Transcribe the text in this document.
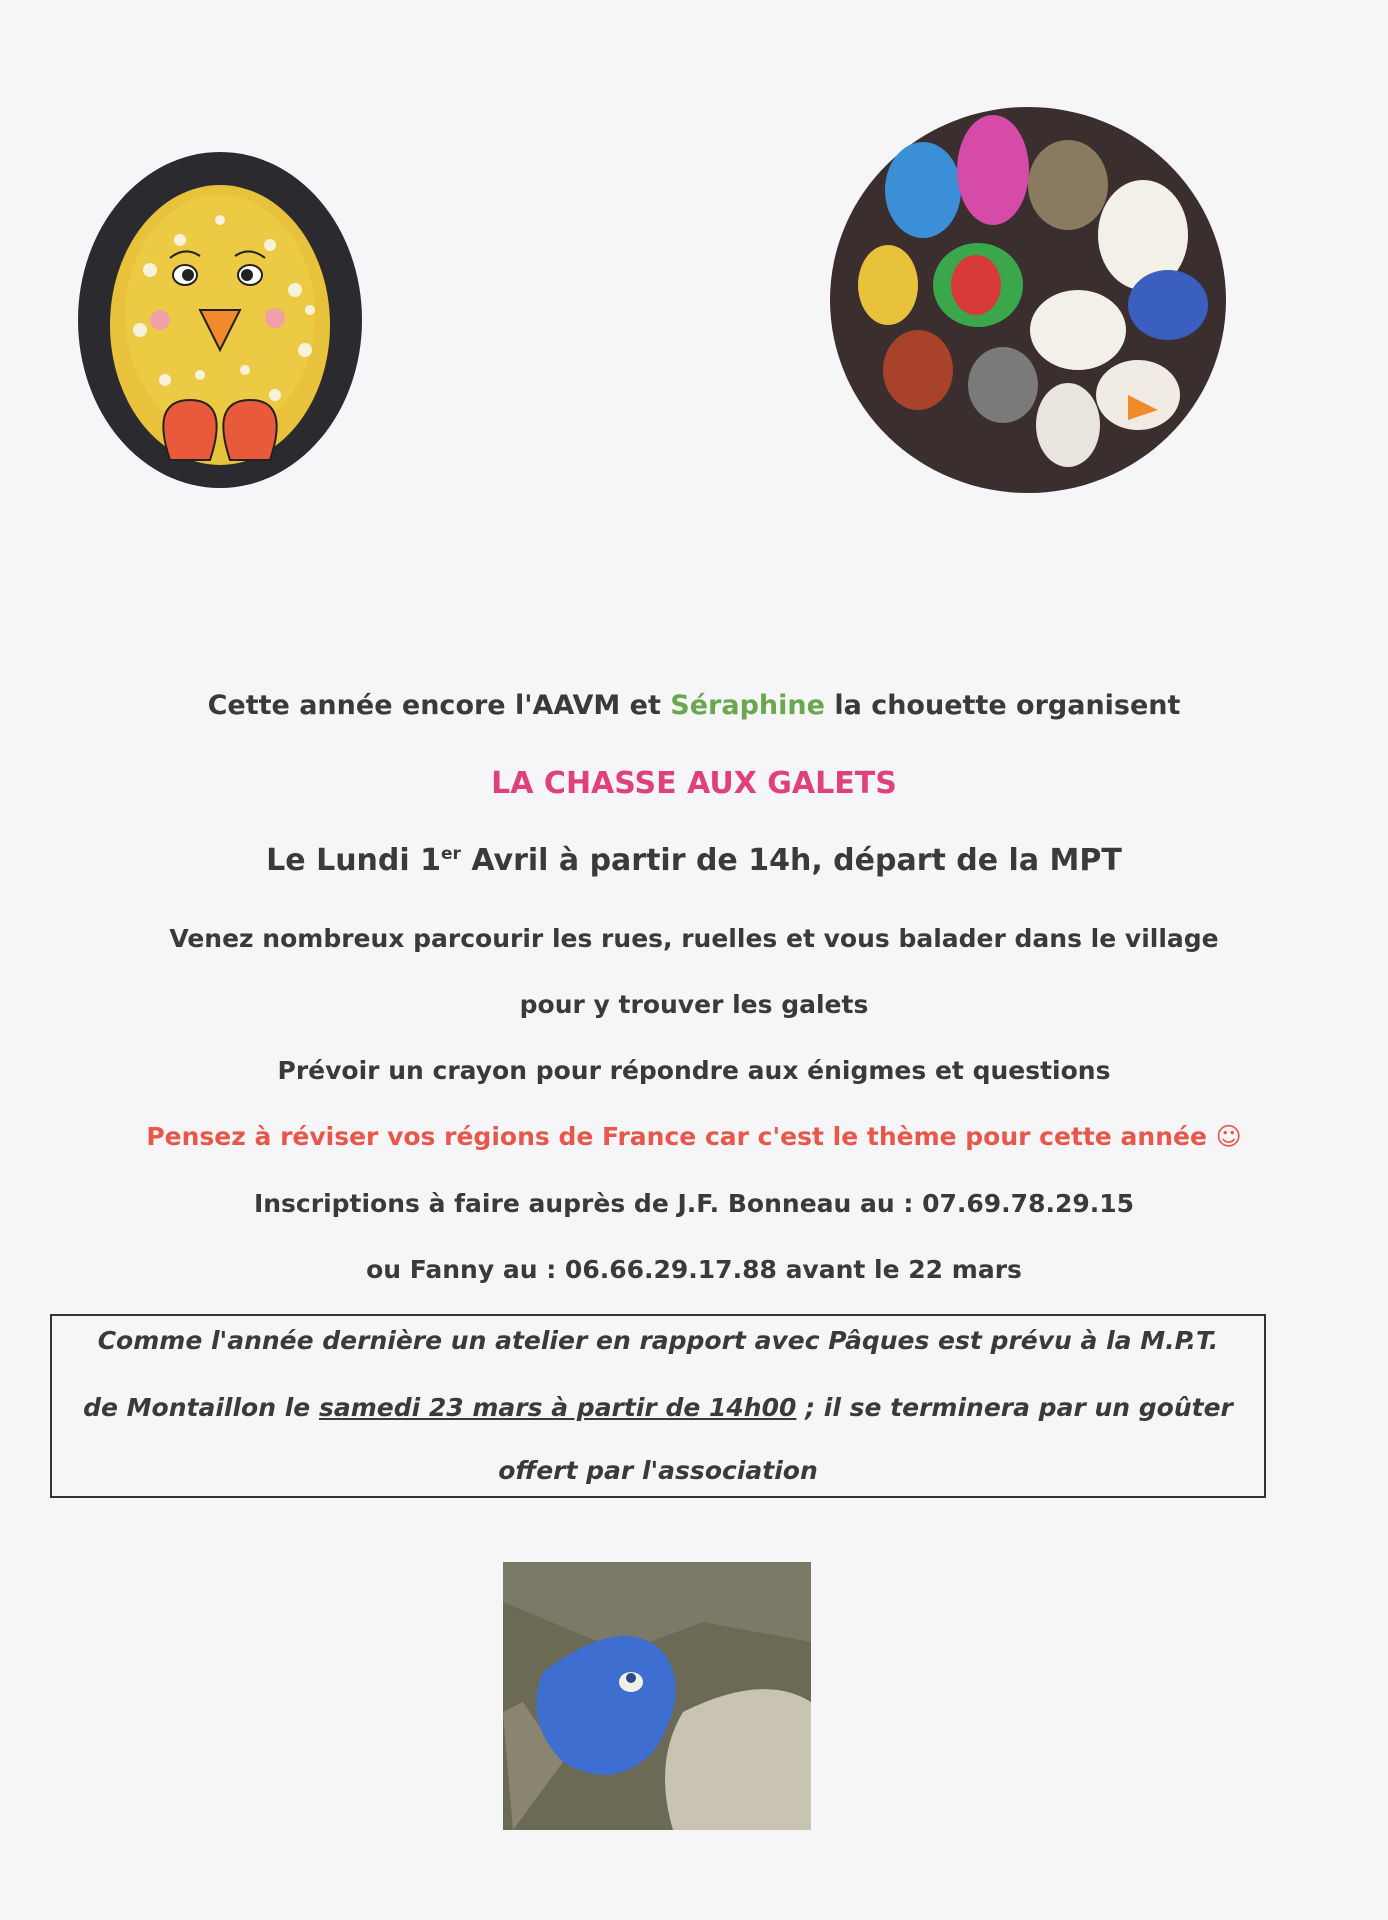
Cette année encore l'AAVM et Séraphine la chouette organisent
LA CHASSE AUX GALETS
Le Lundi 1er Avril à partir de 14h, départ de la MPT
Venez nombreux parcourir les rues, ruelles et vous balader dans le village
pour y trouver les galets
Prévoir un crayon pour répondre aux énigmes et questions
Pensez à réviser vos régions de France car c'est le thème pour cette année ☺
Inscriptions à faire auprès de J.F. Bonneau au : 07.69.78.29.15
ou Fanny au : 06.66.29.17.88 avant le 22 mars
Comme l'année dernière un atelier en rapport avec Pâques est prévu à la M.P.T.
de Montaillon le samedi 23 mars à partir de 14h00 ; il se terminera par un goûter
offert par l'association
